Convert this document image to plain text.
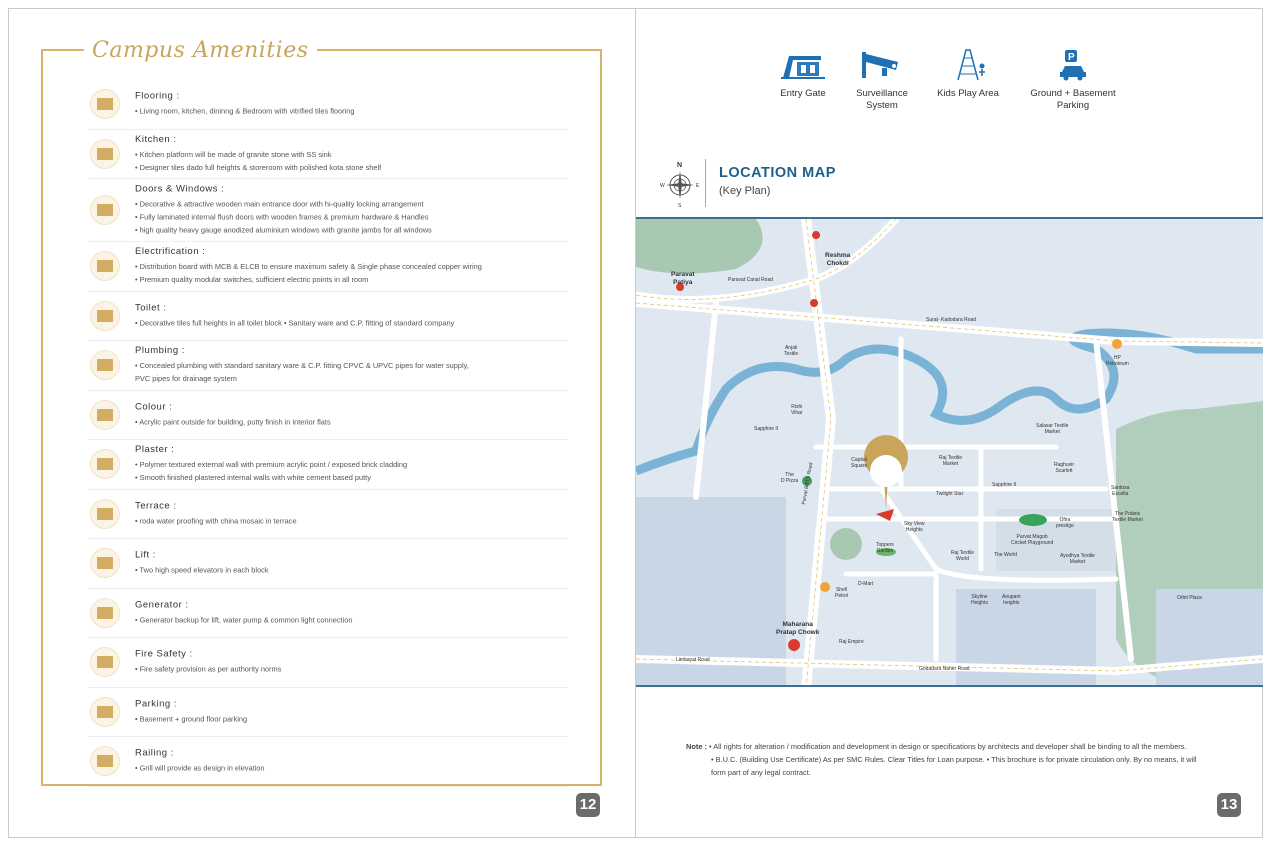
Campus Amenities
Flooring :
• Living room, kitchen, dininng & Bedroom with vitrified tiles flooring
Kitchen :
• Kitchen platform will be made of granite stone with SS sink
• Designer tiles dado full heights & storeroom with polished kota stone shelf
Doors & Windows :
• Decorative & attractive wooden main entrance door with hi-quality locking arrangement
• Fully laminated internal flush doors with wooden frames & premium hardware & Handles
• high quality heavy gauge anodized aluminium windows with granite jambs for all windows
Electrification :
• Distribution board with MCB & ELCB to ensure maximum safety & Single phase concealed copper wiring
• Premium quality modular switches, sufficient electric points in all room
Toilet :
• Decorative tiles full heights in all toilet block • Sanitary ware and C.P. fitting of standard company
Plumbing :
• Concealed plumbing with standard sanitary ware & C.P. fitting CPVC & UPVC pipes for water supply,
PVC pipes for drainage system
Colour :
• Acrylic paint outside for building, putty finish in interior flats
Plaster :
• Polymer textured external wall with premium acrylic point / exposed brick cladding
• Smooth finished plastered internal walls with white cement based putty
Terrace :
• roda water proofing with china mosaic in terrace
Lift :
• Two high speed elevators in each block
Generator :
• Generator backup for lift, water pump & common light connection
Fire Safety :
• Fire safety provision as per authority norms
Parking :
• Basement + ground floor parking
Railing :
• Grill will provide as design in elevation
12
Entry Gate	Surveillance
System
Kids Play Area
P
Ground + Basement
Parking
N
S
W	E
LOCATION MAP
(Key Plan)
Paravat
Patiya
Reshma
Chokdi
Paravat Canal Road
Surat- Kadodara Road
HP
Petroleum
Anjali
Textile
Rishi
Vihar
Sapphire II	Salasar Textile
Market
Capital
Square
Raj Textile
Market	Raghuvir
Scarlett
Sapphire II	Santosa
Excella
Twilight Star
The
D Pizza
Sky View
Heights
Ofira
prestige
The Polaris
Textile Market
Parvat Magob
Cricket Playground
Toppers
Garden	Raj Textile
World
The World	Ayodhya Textile
Market
Shell
Petrol
D-Mart
Skyline
Heights
Anupam
heights
Orbit Plaza
Maharana
Pratap Chowk
Raj Empire
Limbayat Road
Godadara Naher Road
Parvat BRTS Road
Note : • All rights for alteration / modification and development in design or specifications by architects and developer shall be binding to all the members.
• B.U.C. (Building Use Certificate) As per SMC Rules. Clear Titles for Loan purpose. • This brochure is for private circulation only. By no means, it will
form part of any legal contract.
13
